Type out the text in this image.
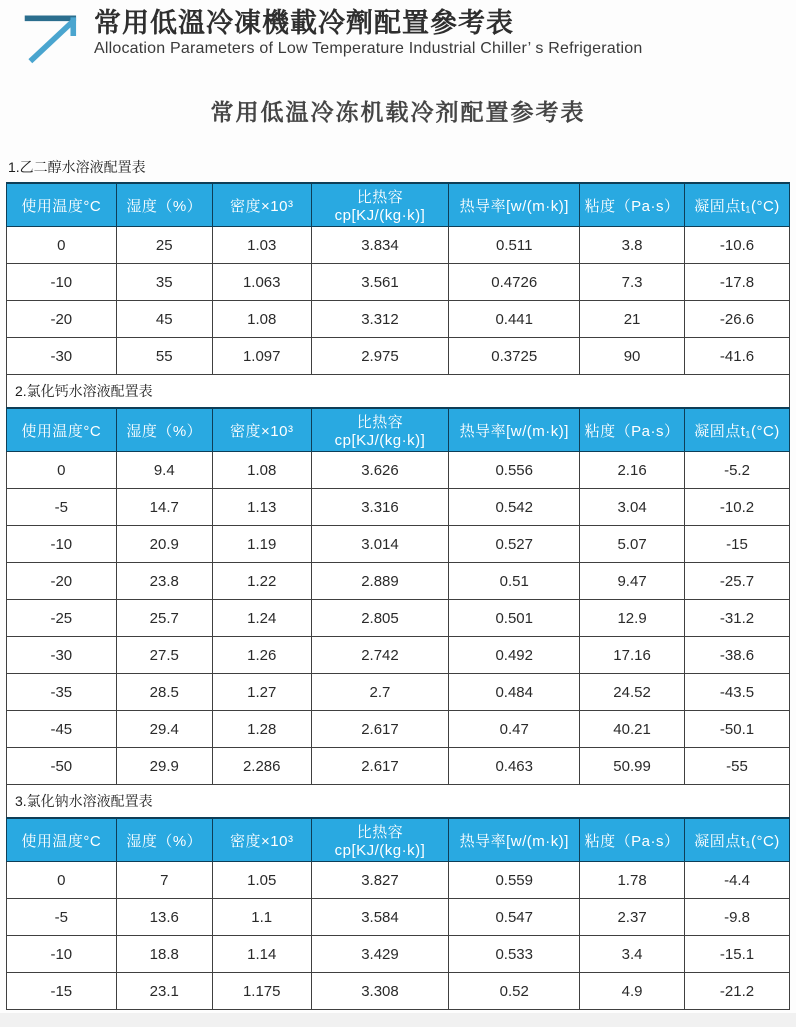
常用低溫冷凍機載冷劑配置參考表
Allocation Parameters of Low Temperature Industrial Chiller’ s Refrigeration
常用低温冷冻机载冷剂配置参考表
1.乙二醇水溶液配置表
使用温度°C	湿度（%）	密度×10³	比热容cp[KJ/(kg·k)]	热导率[w/(m·k)]	粘度（Pa·s）	凝固点t₁(°C)
0	25	1.03	3.834	0.511	3.8	-10.6
-10	35	1.063	3.561	0.4726	7.3	-17.8
-20	45	1.08	3.312	0.441	21	-26.6
-30	55	1.097	2.975	0.3725	90	-41.6
2.氯化钙水溶液配置表
使用温度°C	湿度（%）	密度×10³	比热容cp[KJ/(kg·k)]	热导率[w/(m·k)]	粘度（Pa·s）	凝固点t₁(°C)
0	9.4	1.08	3.626	0.556	2.16	-5.2
-5	14.7	1.13	3.316	0.542	3.04	-10.2
-10	20.9	1.19	3.014	0.527	5.07	-15
-20	23.8	1.22	2.889	0.51	9.47	-25.7
-25	25.7	1.24	2.805	0.501	12.9	-31.2
-30	27.5	1.26	2.742	0.492	17.16	-38.6
-35	28.5	1.27	2.7	0.484	24.52	-43.5
-45	29.4	1.28	2.617	0.47	40.21	-50.1
-50	29.9	2.286	2.617	0.463	50.99	-55
3.氯化钠水溶液配置表
使用温度°C	湿度（%）	密度×10³	比热容cp[KJ/(kg·k)]	热导率[w/(m·k)]	粘度（Pa·s）	凝固点t₁(°C)
0	7	1.05	3.827	0.559	1.78	-4.4
-5	13.6	1.1	3.584	0.547	2.37	-9.8
-10	18.8	1.14	3.429	0.533	3.4	-15.1
-15	23.1	1.175	3.308	0.52	4.9	-21.2
